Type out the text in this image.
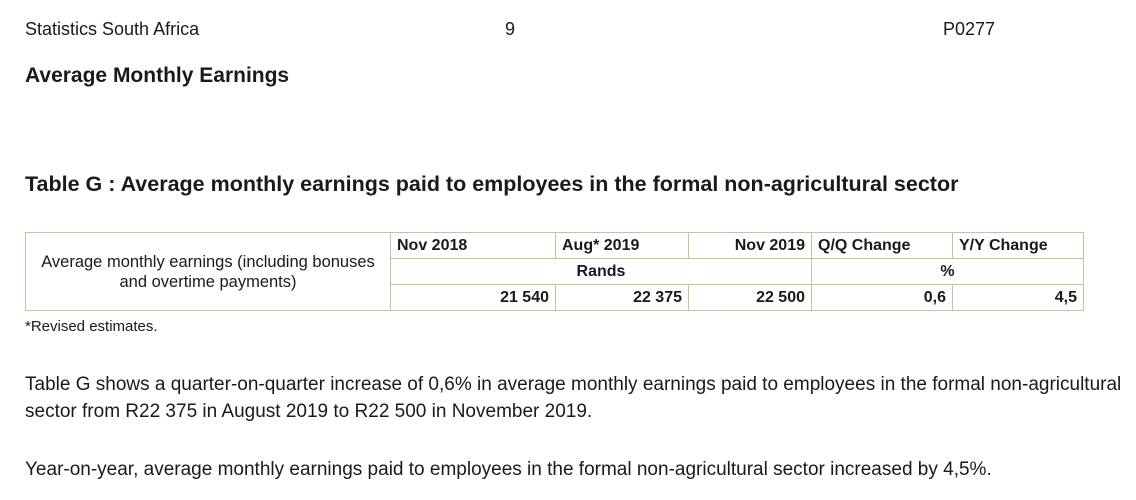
Statistics South Africa	9	P0277
Average Monthly Earnings
Table G : Average monthly earnings paid to employees in the formal non-agricultural sector
Average monthly earnings (including bonuses and overtime payments)	Nov 2018	Aug* 2019	Nov 2019	Q/Q Change	Y/Y Change
	Rands			%	
	21 540	22 375	22 500	0,6	4,5
*Revised estimates.
Table G shows a quarter-on-quarter increase of 0,6% in average monthly earnings paid to employees in the formal non-agricultural sector from R22 375 in August 2019 to R22 500 in November 2019.
Year-on-year, average monthly earnings paid to employees in the formal non-agricultural sector increased by 4,5%.
